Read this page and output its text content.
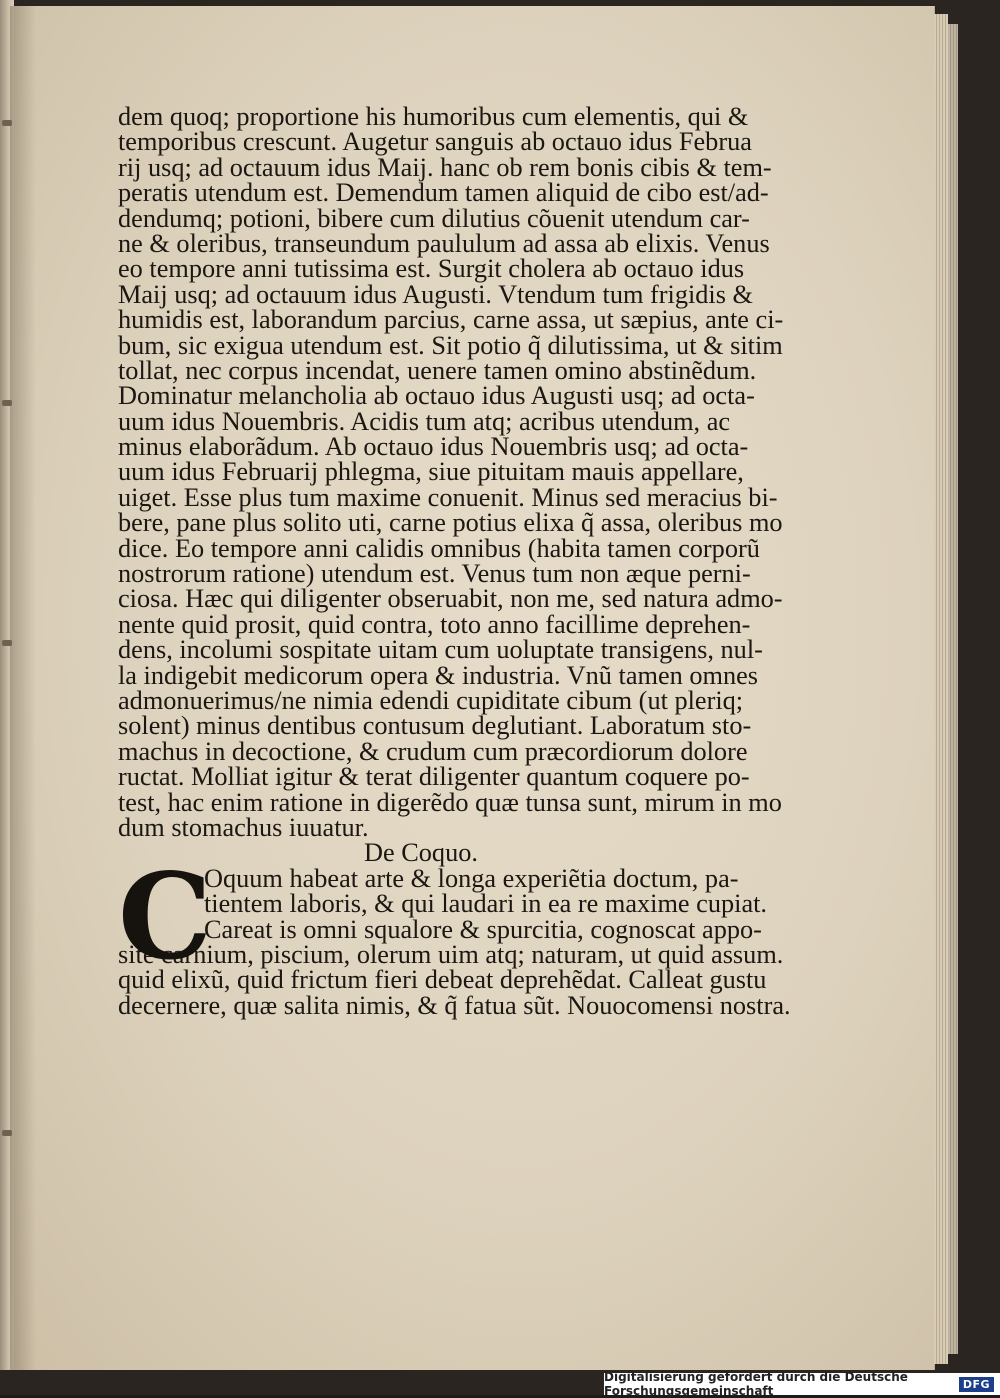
dem quoq; proportione his humoribus cum elementis, qui &
temporibus crescunt. Augetur sanguis ab octauo idus Februa
rij usq; ad octauum idus Maij. hanc ob rem bonis cibis & tem-
peratis utendum est. Demendum tamen aliquid de cibo est/ad-
dendumq; potioni, bibere cum dilutius cõuenit utendum car-
ne & oleribus, transeundum paululum ad assa ab elixis. Venus
eo tempore anni tutissima est. Surgit cholera ab octauo idus
Maij usq; ad octauum idus Augusti. Vtendum tum frigidis &
humidis est, laborandum parcius, carne assa, ut sæpius, ante ci-
bum, sic exigua utendum est. Sit potio q̃ dilutissima, ut & sitim
tollat, nec corpus incendat, uenere tamen omino abstinẽdum.
Dominatur melancholia ab octauo idus Augusti usq; ad octa-
uum idus Nouembris. Acidis tum atq; acribus utendum, ac
minus elaborãdum. Ab octauo idus Nouembris usq; ad octa-
uum idus Februarij phlegma, siue pituitam mauis appellare,
uiget. Esse plus tum maxime conuenit. Minus sed meracius bi-
bere, pane plus solito uti, carne potius elixa q̃ assa, oleribus mo
dice. Eo tempore anni calidis omnibus (habita tamen corporũ
nostrorum ratione) utendum est. Venus tum non æque perni-
ciosa. Hæc qui diligenter obseruabit, non me, sed natura admo-
nente quid prosit, quid contra, toto anno facillime deprehen-
dens, incolumi sospitate uitam cum uoluptate transigens, nul-
la indigebit medicorum opera & industria. Vnũ tamen omnes
admonuerimus/ne nimia edendi cupiditate cibum (ut pleriq;
solent) minus dentibus contusum deglutiant. Laboratum sto-
machus in decoctione, & crudum cum præcordiorum dolore
ructat. Molliat igitur & terat diligenter quantum coquere po-
test, hac enim ratione in digerẽdo quæ tunsa sunt, mirum in mo
dum stomachus iuuatur.
De Coquo.
C
Oquum habeat arte & longa experiẽtia doctum, pa-
tientem laboris, & qui laudari in ea re maxime cupiat.
Careat is omni squalore & spurcitia, cognoscat appo-
site carnium, piscium, olerum uim atq; naturam, ut quid assum.
quid elixũ, quid frictum fieri debeat deprehẽdat. Calleat gustu
decernere, quæ salita nimis, & q̃ fatua sũt. Nouocomensi nostra.
Digitalisierung gefördert durch die Deutsche Forschungsgemeinschaft	DFG
